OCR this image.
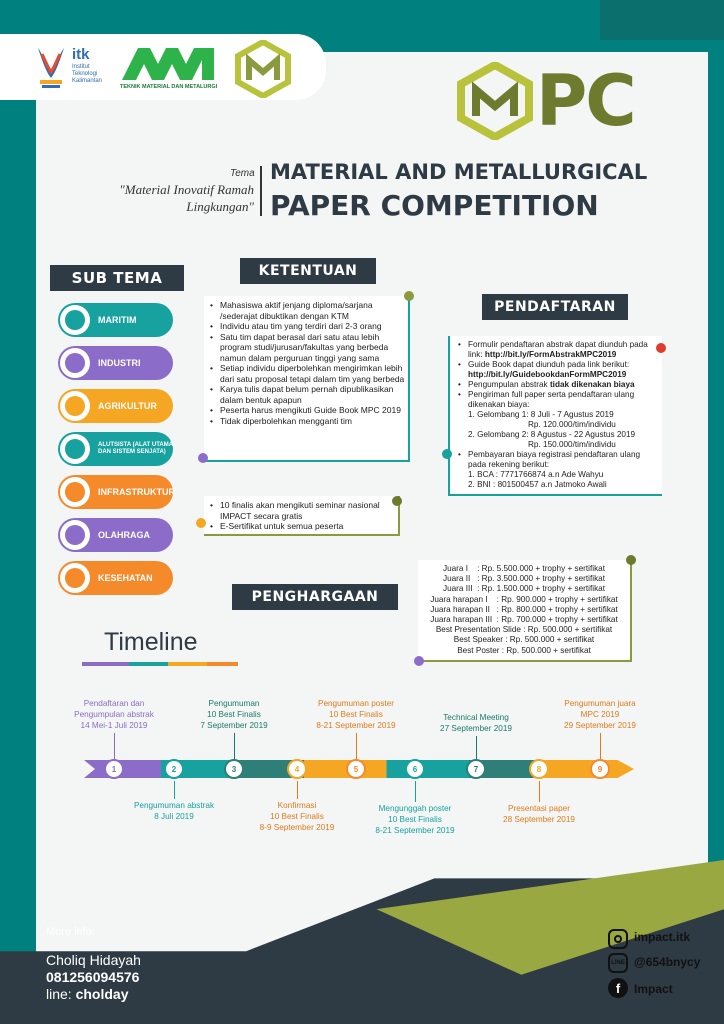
itk
Institut Teknologi Kalimantan
TEKNIK MATERIAL DAN METALURGI	PC
Tema
"Material Inovatif Ramah
Lingkungan"
MATERIAL AND METALLURGICAL
PAPER COMPETITION
SUB TEMA
MARITIM
INDUSTRI
AGRIKULTUR
ALUTSISTA (ALAT UTAMA DAN SISTEM SENJATA)
INFRASTRUKTUR
OLAHRAGA
KESEHATAN
KETENTUAN
• Mahasiswa aktif jenjang diploma/sarjana /sederajat dibuktikan dengan KTM
• Individu atau tim yang terdiri dari 2-3 orang
• Satu tim dapat berasal dari satu atau lebih program studi/jurusan/fakultas yang berbeda namun dalam perguruan tinggi yang sama
• Setiap individu diperbolehkan mengirimkan lebih dari satu proposal tetapi dalam tim yang berbeda
• Karya tulis dapat belum pernah dipublikasikan dalam bentuk apapun
• Peserta harus mengikuti Guide Book MPC 2019
• Tidak diperbolehkan mengganti tim
• 10 finalis akan mengikuti seminar nasional IMPACT secara gratis
• E-Sertifikat untuk semua peserta
PENDAFTARAN
• Formulir pendaftaran abstrak dapat diunduh pada link: http://bit.ly/FormAbstrakMPC2019
• Guide Book dapat diunduh pada link berikut:
http://bit.ly/GuidebookdanFormMPC2019
• Pengumpulan abstrak tidak dikenakan biaya
• Pengiriman full paper serta pendaftaran ulang dikenakan biaya:
1. Gelombang 1: 8 Juli - 7 Agustus 2019
Rp. 120.000/tim/individu
2. Gelombang 2: 8 Agustus - 22 Agustus 2019
Rp. 150.000/tim/individu
• Pembayaran biaya registrasi pendaftaran ulang pada rekening berikut:
1. BCA : 7771766874 a.n Ade Wahyu
2. BNI : 801500457 a.n Jatmoko Awali
PENGHARGAAN
Juara I    : Rp. 5.500.000 + trophy + sertifikat
Juara II   : Rp. 3.500.000 + trophy + sertifikat
Juara III  : Rp. 1.500.000 + trophy + sertifikat
Juara harapan I    : Rp. 900.000 + trophy + sertifikat
Juara harapan II   : Rp. 800.000 + trophy + sertifikat
Juara harapan III  : Rp. 700.000 + trophy + sertifikat
Best Presentation Slide : Rp. 500.000 + sertifikat
Best Speaker : Rp. 500.000 + sertifikat
Best Poster : Rp. 500.000 + sertifikat
Timeline
1	2	3	4	5	6	7	8	9
Pendaftaran dan
Pengumpulan abstrak
14 Mei-1 Juli 2019
Pengumuman abstrak
8 Juli 2019
Pengumuman
10 Best Finalis
7 September 2019
Konfirmasi
10 Best Finalis
8-9 September 2019
Pengumuman poster
10 Best Finalis
8-21 September 2019
Mengunggah poster
10 Best Finalis
8-21 September 2019
Technical Meeting
27 September 2019
Presentasi paper
28 September 2019
Pengumuman juara
MPC 2019
29 September 2019
More info:
Choliq Hidayah
081256094576
line: cholday
impact.itk
LINE @654bnycy
f	Impact
